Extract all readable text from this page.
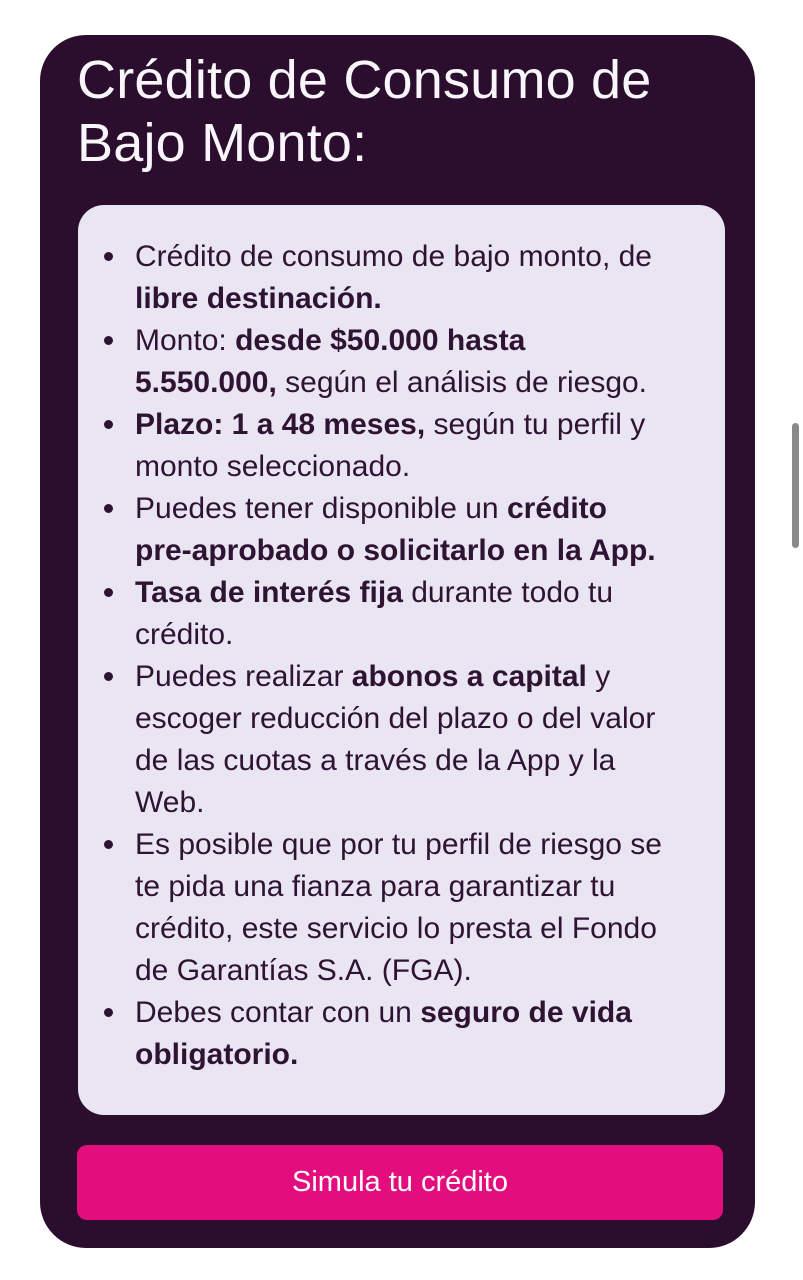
Crédito de Consumo de Bajo Monto:
Crédito de consumo de bajo monto, de libre destinación.
Monto: desde $50.000 hasta 5.550.000, según el análisis de riesgo.
Plazo: 1 a 48 meses, según tu perfil y monto seleccionado.
Puedes tener disponible un crédito pre-aprobado o solicitarlo en la App.
Tasa de interés fija durante todo tu crédito.
Puedes realizar abonos a capital y escoger reducción del plazo o del valor de las cuotas a través de la App y la Web.
Es posible que por tu perfil de riesgo se te pida una fianza para garantizar tu crédito, este servicio lo presta el Fondo de Garantías S.A. (FGA).
Debes contar con un seguro de vida obligatorio.
Simula tu crédito
